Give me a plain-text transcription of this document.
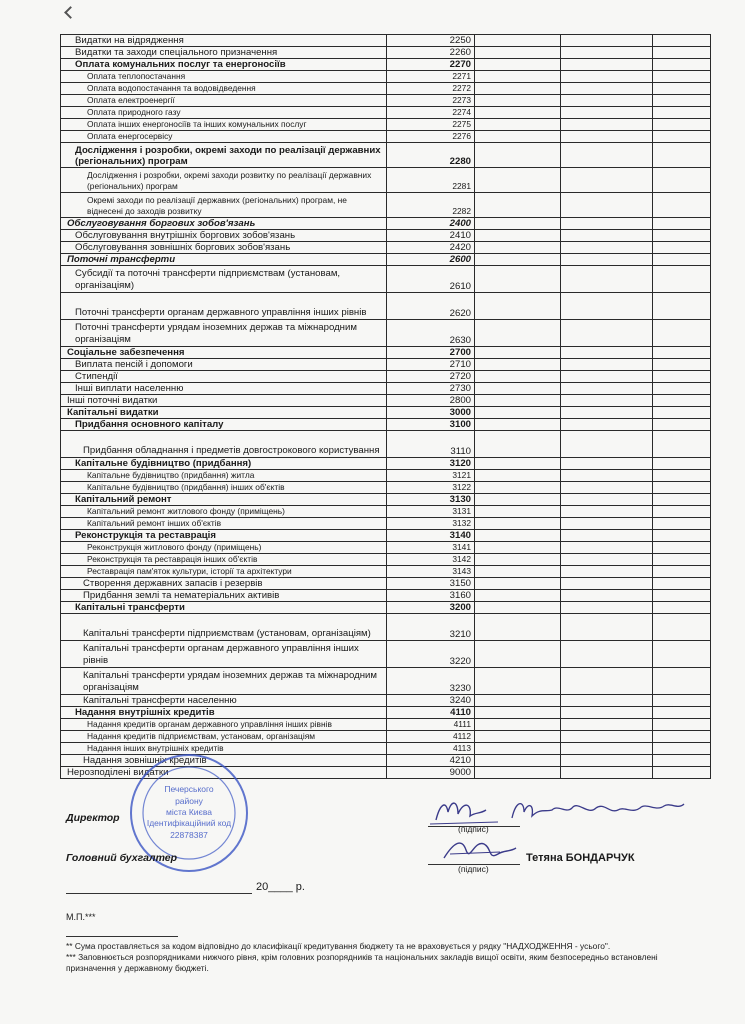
Видатки на відрядження	2250			
Видатки та заходи спеціального призначення	2260			
Оплата комунальних послуг та енергоносіїв	2270			
Оплата теплопостачання	2271			
Оплата водопостачання та водовідведення	2272			
Оплата електроенергії	2273			
Оплата природного газу	2274			
Оплата інших енергоносіїв та інших комунальних послуг	2275			
Оплата енергосервісу	2276			
Дослідження і розробки, окремі заходи по реалізації державних (регіональних) програм	2280			
Дослідження і розробки, окремі заходи розвитку по реалізації державних (регіональних) програм	2281			
Окремі заходи по реалізації державних (регіональних) програм, не віднесені до заходів розвитку	2282			
Обслуговування боргових зобов'язань	2400			
Обслуговування внутрішніх боргових зобов'язань	2410			
Обслуговування зовнішніх боргових зобов'язань	2420			
Поточні трансферти	2600			
Субсидії та поточні трансферти підприємствам (установам, організаціям)	2610			
Поточні трансферти органам державного управління інших рівнів	2620			
Поточні трансферти урядам іноземних держав та міжнародним організаціям	2630			
Соціальне забезпечення	2700			
Виплата пенсій і допомоги	2710			
Стипендії	2720			
Інші виплати населенню	2730			
Інші поточні видатки	2800			
Капітальні видатки	3000			
Придбання основного капіталу	3100			
Придбання обладнання і предметів довгострокового користування	3110			
Капітальне будівництво (придбання)	3120			
Капітальне будівництво (придбання) житла	3121			
Капітальне будівництво (придбання) інших об'єктів	3122			
Капітальний ремонт	3130			
Капітальний ремонт житлового фонду (приміщень)	3131			
Капітальний ремонт інших об'єктів	3132			
Реконструкція та реставрація	3140			
Реконструкція житлового фонду (приміщень)	3141			
Реконструкція та реставрація інших об'єктів	3142			
Реставрація пам'яток культури, історії та архітектури	3143			
Створення державних запасів і резервів	3150			
Придбання землі та нематеріальних активів	3160			
Капітальні трансферти	3200			
Капітальні трансферти підприємствам (установам, організаціям)	3210			
Капітальні трансферти органам державного управління інших рівнів	3220			
Капітальні трансферти урядам іноземних держав та міжнародним організаціям	3230			
Капітальні трансферти населенню	3240			
Надання внутрішніх кредитів	4110			
Надання кредитів органам державного управління інших рівнів	4111			
Надання кредитів підприємствам, установам, організаціям	4112			
Надання інших внутрішніх кредитів	4113			
Надання зовнішніх кредитів	4210			
Нерозподілені видатки	9000			
Печерського району міста Києва Ідентифікаційний код 22878387
Директор
(підпис)
Головний бухгалтер
(підпис)
Тетяна БОНДАРЧУК
20____ р.
М.П.***

** Сума проставляється за кодом відповідно до класифікації кредитування бюджету та не враховується у рядку "НАДХОДЖЕННЯ - усього".

*** Заповнюється розпорядниками нижчого рівня, крім головних розпорядників та національних закладів вищої освіти, яким безпосередньо встановлені призначення у державному бюджеті.
